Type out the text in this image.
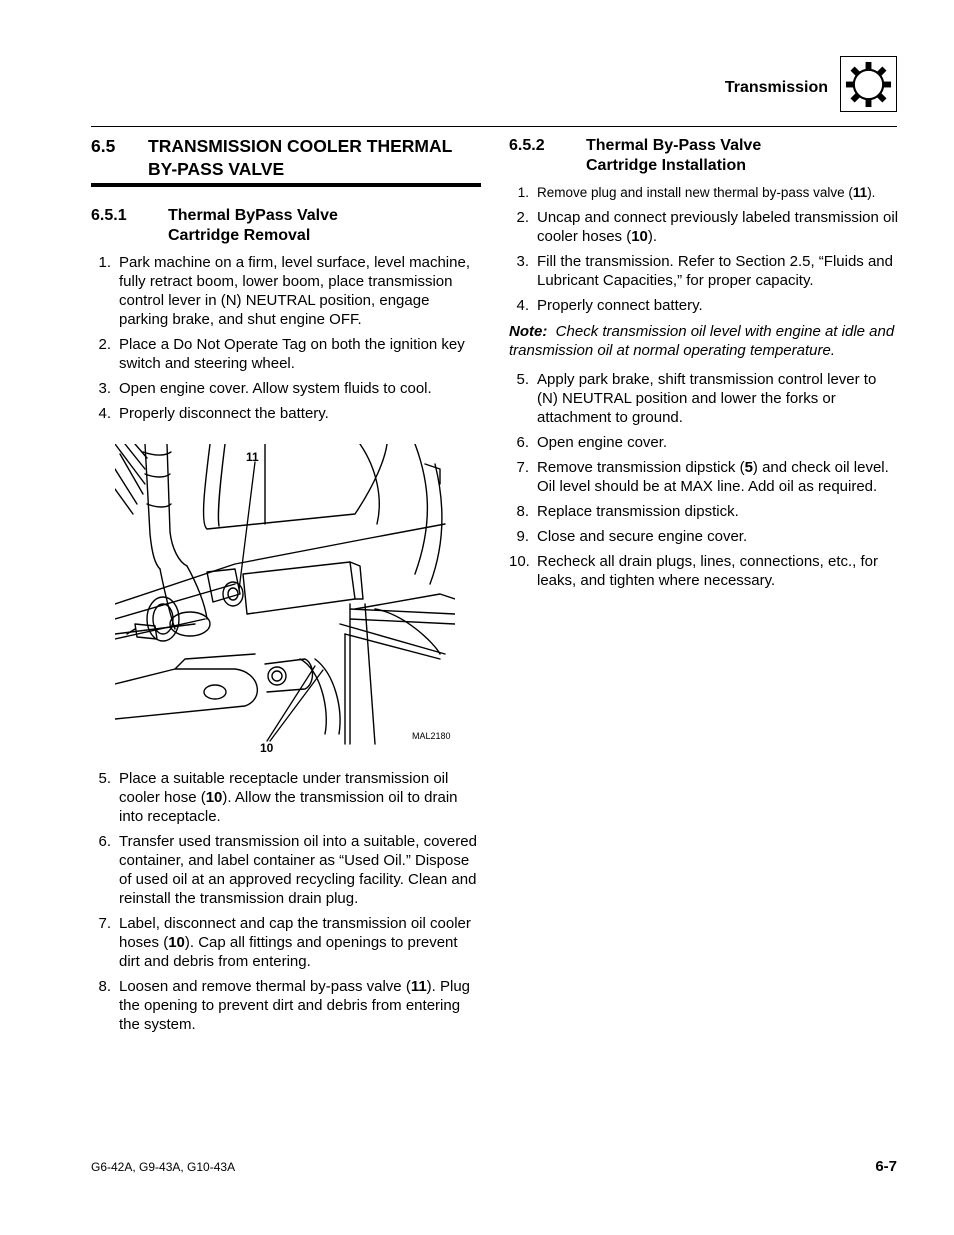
Transmission
6.5 TRANSMISSION COOLER THERMAL BY-PASS VALVE
6.5.1	Thermal ByPass Valve
Cartridge Removal
1. Park machine on a firm, level surface, level machine, fully retract boom, lower boom, place transmission control lever in (N) NEUTRAL position, engage parking brake, and shut engine OFF.
2. Place a Do Not Operate Tag on both the ignition key switch and steering wheel.
3. Open engine cover. Allow system fluids to cool.
4. Properly disconnect the battery.
11
10
MAL2180
5. Place a suitable receptacle under transmission oil cooler hose (10). Allow the transmission oil to drain into receptacle.
6. Transfer used transmission oil into a suitable, covered container, and label container as “Used Oil.” Dispose of used oil at an approved recycling facility. Clean and reinstall the transmission drain plug.
7. Label, disconnect and cap the transmission oil cooler hoses (10). Cap all fittings and openings to prevent dirt and debris from entering.
8. Loosen and remove thermal by-pass valve (11). Plug the opening to prevent dirt and debris from entering the system.
6.5.2	Thermal By-Pass Valve
Cartridge Installation
1. Remove plug and install new thermal by-pass valve (11).
2. Uncap and connect previously labeled transmission oil cooler hoses (10).
3. Fill the transmission. Refer to Section 2.5, “Fluids and Lubricant Capacities,” for proper capacity.
4. Properly connect battery.
Note: Check transmission oil level with engine at idle and transmission oil at normal operating temperature.
5. Apply park brake, shift transmission control lever to (N) NEUTRAL position and lower the forks or attachment to ground.
6. Open engine cover.
7. Remove transmission dipstick (5) and check oil level. Oil level should be at MAX line. Add oil as required.
8. Replace transmission dipstick.
9. Close and secure engine cover.
10. Recheck all drain plugs, lines, connections, etc., for leaks, and tighten where necessary.
G6-42A, G9-43A, G10-43A	6-7
